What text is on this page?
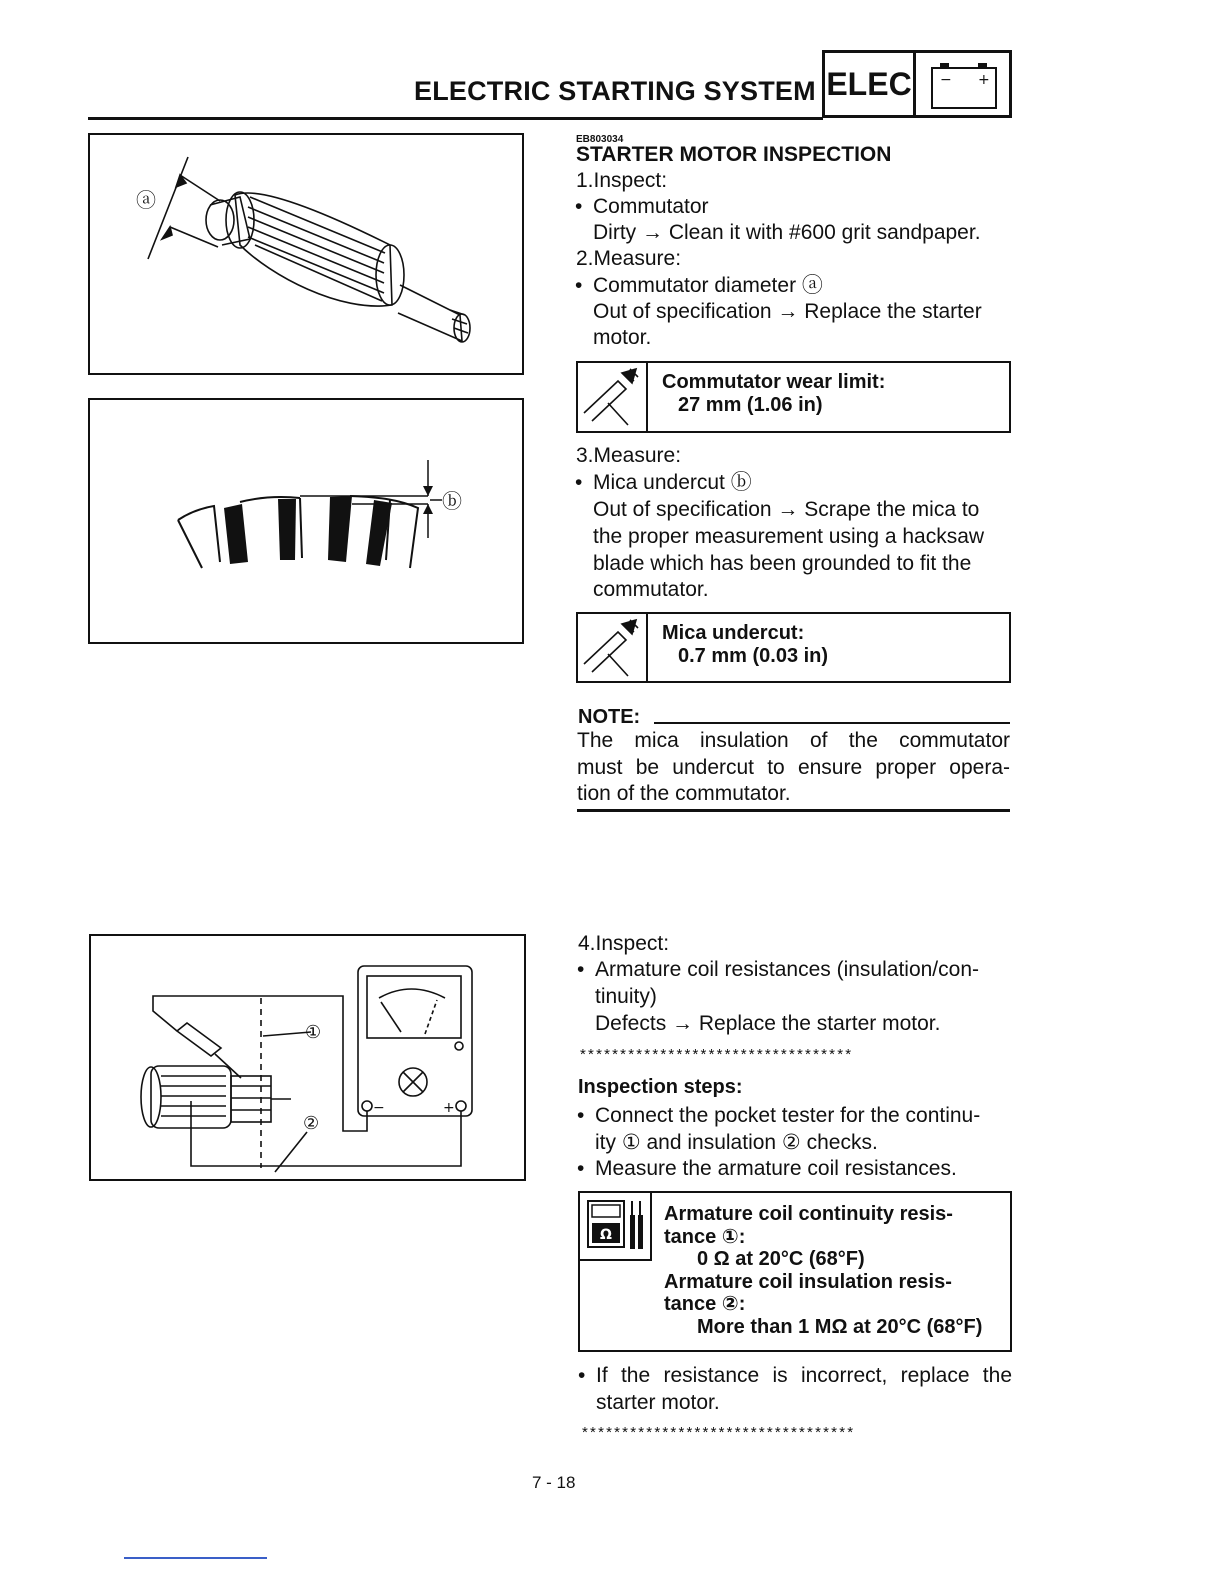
ELECTRIC STARTING SYSTEM ELEC	− +
ⓐ
ⓑ
①
②
−	+
EB803034
STARTER MOTOR INSPECTION
1.Inspect:
• Commutator
Dirty → Clean it with #600 grit sandpaper.
2.Measure:
• Commutator diameter ⓐ
Out of specification → Replace the starter
motor.
Commutator wear limit:
27 mm (1.06 in)
3.Measure:
• Mica undercut ⓑ
Out of specification → Scrape the mica to
the proper measurement using a hacksaw
blade which has been grounded to fit the
commutator.
Mica undercut:
0.7 mm (0.03 in)
NOTE:
The mica insulation of the commutator
must be undercut to ensure proper opera-
tion of the commutator.
4.Inspect:
• Armature coil resistances (insulation/con-
tinuity)
Defects → Replace the starter motor.
**********************************
Inspection steps:
• Connect the pocket tester for the continu-
ity ① and insulation ② checks.
• Measure the armature coil resistances.
Ω
Armature coil continuity resis-
tance ①:
0 Ω at 20°C (68°F)
Armature coil insulation resis-
tance ②:
More than 1 MΩ at 20°C (68°F)
• If the resistance is incorrect, replace the
starter motor.
**********************************
7 - 18
